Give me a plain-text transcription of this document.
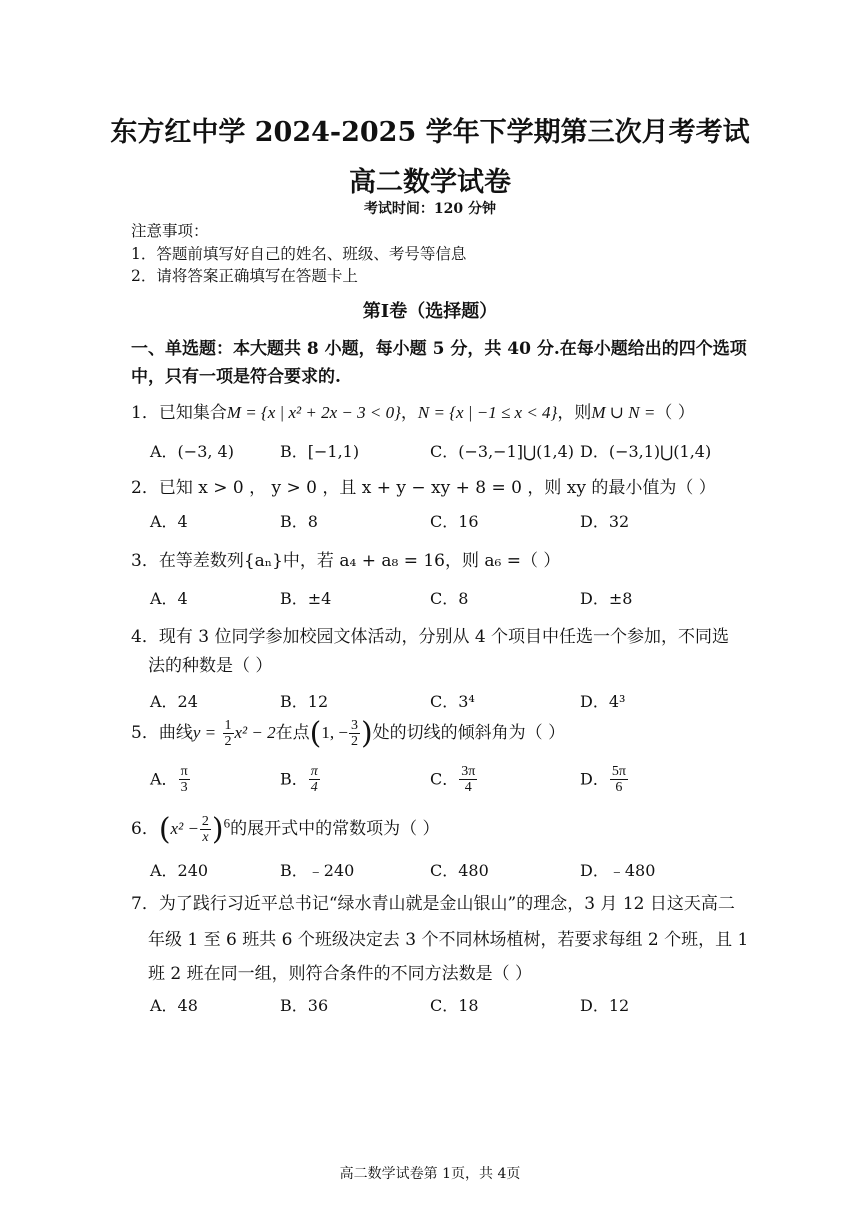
东方红中学 2024-2025 学年下学期第三次月考考试
高二数学试卷
考试时间：120 分钟
注意事项：
1．答题前填写好自己的姓名、班级、考号等信息
2．请将答案正确填写在答题卡上
第Ⅰ卷（选择题）
一、单选题：本大题共 8 小题，每小题 5 分，共 40 分.在每小题给出的四个选项
中，只有一项是符合要求的.
1．已知集合M = {x | x² + 2x − 3 < 0}，N = {x | −1 ≤ x < 4}，则M ∪ N =（ ）
A．(−3, 4)	B．[−1,1)	C．(−3,−1]⋃(1,4) D．(−3,1)⋃(1,4)
2．已知 x > 0 ， y > 0 ，且 x + y − xy + 8 = 0 ，则 xy 的最小值为（ ）
A．4	B．8	C．16	D．32
3．在等差数列{aₙ}中，若 a₄ + a₈ = 16，则 a₆ =（ ）
A．4	B．±4	C．8	D．±8
4．现有 3 位同学参加校园文体活动，分别从 4 个项目中任选一个参加，不同选
法的种数是（ ）
A．24	B．12	C．3⁴	D．4³
5．曲线$y = \frac{1}{2} x^2 - 2$在点(1, − $\frac{3}{2}$ )处的切线的倾斜角为（ ）
A． $\frac{\pi}{3}$	B． $\frac{\pi}{4}$	C． $\frac{3\pi}{4}$	D． $\frac{5\pi}{6}$
6．$(x^2 - \frac{2}{x} )^6$的展开式中的常数项为（ ）
A．240	B．﹣240	C．480	D．﹣480
7．为了践行习近平总书记“绿水青山就是金山银山”的理念，3 月 12 日这天高二
年级 1 至 6 班共 6 个班级决定去 3 个不同林场植树，若要求每组 2 个班，且 1
班 2 班在同一组，则符合条件的不同方法数是（ ）
A．48	B．36	C．18	D．12
高二数学试卷第 1页，共 4页
